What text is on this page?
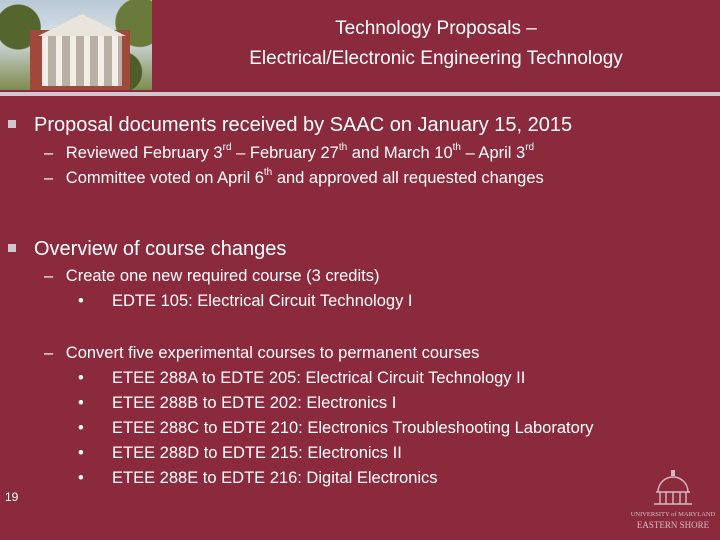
Technology Proposals –
Electrical/Electronic Engineering Technology
Proposal documents received by SAAC on January 15, 2015
– Reviewed February 3rd – February 27th and March 10th – April 3rd
– Committee voted on April 6th and approved all requested changes
Overview of course changes
– Create one new required course (3 credits)
• EDTE 105: Electrical Circuit Technology I
– Convert five experimental courses to permanent courses
• ETEE 288A to EDTE 205: Electrical Circuit Technology II
• ETEE 288B to EDTE 202: Electronics I
• ETEE 288C to EDTE 210: Electronics Troubleshooting Laboratory
• ETEE 288D to EDTE 215: Electronics II
• ETEE 288E to EDTE 216: Digital Electronics
19
UNIVERSITY of MARYLAND
EASTERN SHORE
